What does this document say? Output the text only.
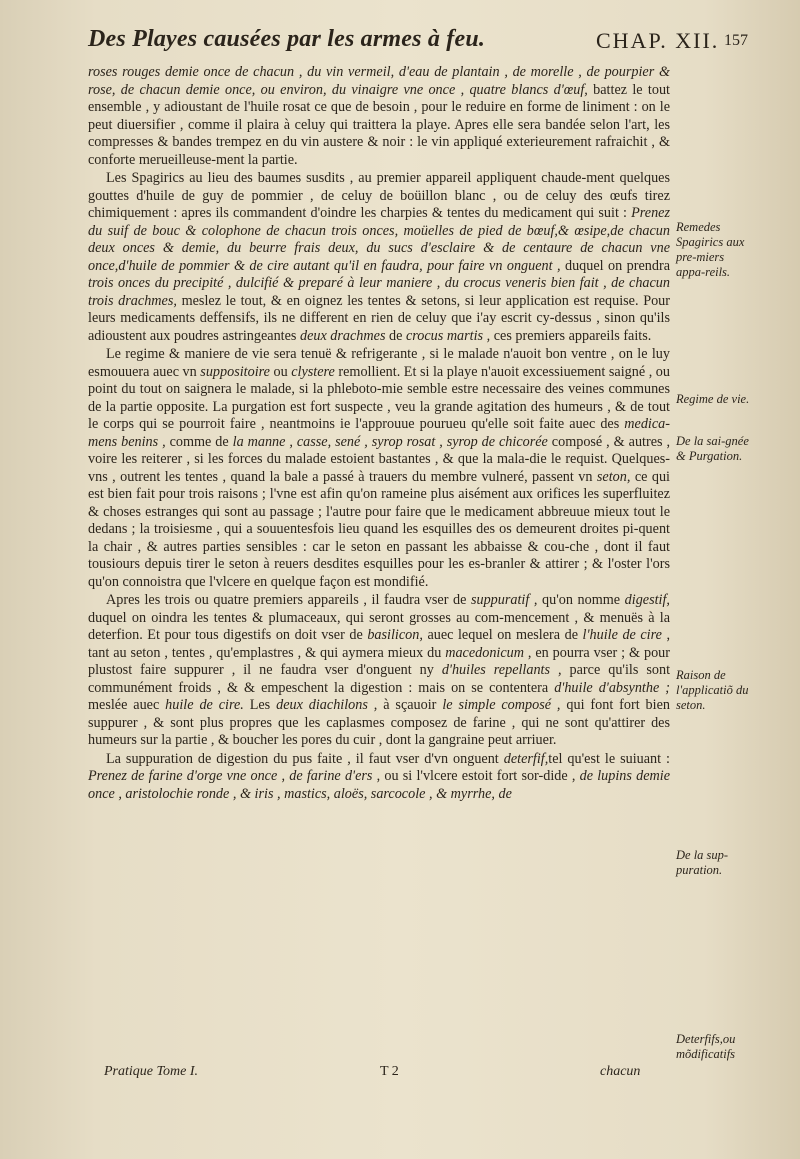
Des Playes causées par les armes à feu.	CHAP. XII. 157

roses rouges demie once de chacun , du vin vermeil, d'eau de plantain , de morelle , de pourpier & rose, de chacun demie once, ou environ, du vinaigre vne once , quatre blancs d'œuf, battez le tout ensemble , y adioustant de l'huile rosat ce que de besoin , pour le reduire en forme de liniment : on le peut diuersifier , comme il plaira à celuy qui traittera la playe. Apres elle sera bandée selon l'art, les compresses & bandes trempez en du vin austere & noir : le vin appliqué exterieurement rafraichit , & conforte merueilleuse-ment la partie.

Les Spagirics au lieu des baumes susdits , au premier appareil appliquent chaude-ment quelques gouttes d'huile de guy de pommier , de celuy de boüillon blanc , ou de celuy des œufs tirez chimiquement : apres ils commandent d'oindre les charpies & tentes du medicament qui suit : Prenez du suif de bouc & colophone de chacun trois onces, moüelles de pied de bœuf,& œsipe,de chacun deux onces & demie, du beurre frais deux, du sucs d'esclaire & de centaure de chacun vne once,d'huile de pommier & de cire autant qu'il en faudra, pour faire vn onguent , duquel on prendra trois onces du precipité , dulcifié & preparé à leur maniere , du crocus veneris bien fait , de chacun trois drachmes, meslez le tout, & en oignez les tentes & setons, si leur application est requise. Pour leurs medicaments deffensifs, ils ne different en rien de celuy que i'ay escrit cy-dessus , sinon qu'ils adioustent aux poudres astringeantes deux drachmes de crocus martis , ces premiers appareils faits.

Le regime & maniere de vie sera tenuë & refrigerante , si le malade n'auoit bon ventre , on le luy esmouuera auec vn suppositoire ou clystere remollient. Et si la playe n'auoit excessiuement saigné , ou point du tout on saignera le malade, si la phleboto-mie semble estre necessaire des veines communes de la partie opposite. La purgation est fort suspecte , veu la grande agitation des humeurs , & de tout le corps qui se pourroit faire , neantmoins ie l'approuue pourueu qu'elle soit faite auec des medica-mens benins , comme de la manne , casse, sené , syrop rosat , syrop de chicorée composé , & autres , voire les reiterer , si les forces du malade estoient bastantes , & que la mala-die le requist. Quelques-vns , outrent les tentes , quand la bale a passé à trauers du membre vulneré, passent vn seton, ce qui est bien fait pour trois raisons ; l'vne est afin qu'on rameine plus aisément aux orifices les superfluitez & choses estranges qui sont au passage ; l'autre pour faire que le medicament abbreuue mieux tout le dedans ; la troisiesme , qui a souuentesfois lieu quand les esquilles des os demeurent droites pi-quent la chair , & autres parties sensibles : car le seton en passant les abbaisse & cou-che , dont il faut tousiours depuis tirer le seton à reuers desdites esquilles pour les es-branler & attirer ; & l'oster l'ors qu'on connoistra que l'vlcere en quelque façon est mondifié.

Apres les trois ou quatre premiers appareils , il faudra vser de suppuratif , qu'on nomme digestif, duquel on oindra les tentes & plumaceaux, qui seront grosses au com-mencement , & menuës à la deterfion. Et pour tous digestifs on doit vser de basilicon, auec lequel on meslera de l'huile de cire , tant au seton , tentes , qu'emplastres , & qui aymera mieux du macedonicum , en pourra vser ; & pour plustost faire suppurer , il ne faudra vser d'onguent ny d'huiles repellants , parce qu'ils sont communément froids , & & empeschent la digestion : mais on se contentera d'huile d'absynthe ; meslée auec huile de cire. Les deux diachilons , à sçauoir le simple composé , qui font fort bien suppurer , & sont plus propres que les caplasmes composez de farine , qui ne sont qu'attirer des humeurs sur la partie , & boucher les pores du cuir , dont la gangraine peut arriuer.

La suppuration de digestion du pus faite , il faut vser d'vn onguent deterfif,tel qu'est le suiuant : Prenez de farine d'orge vne once , de farine d'ers , ou si l'vlcere estoit fort sor-dide , de lupins demie once , aristolochie ronde , & iris , mastics, aloës, sarcocole , & myrrhe, de

Remedes Spagirics aux pre-miers appa-reils.
Regime de vie.
De la sai-gnée & Purgation.
Raison de l'applicatiõ du seton.
De la sup-puration.
Deterfifs,ou mõdificatifs
Pratique Tome I.	T 2	chacun
